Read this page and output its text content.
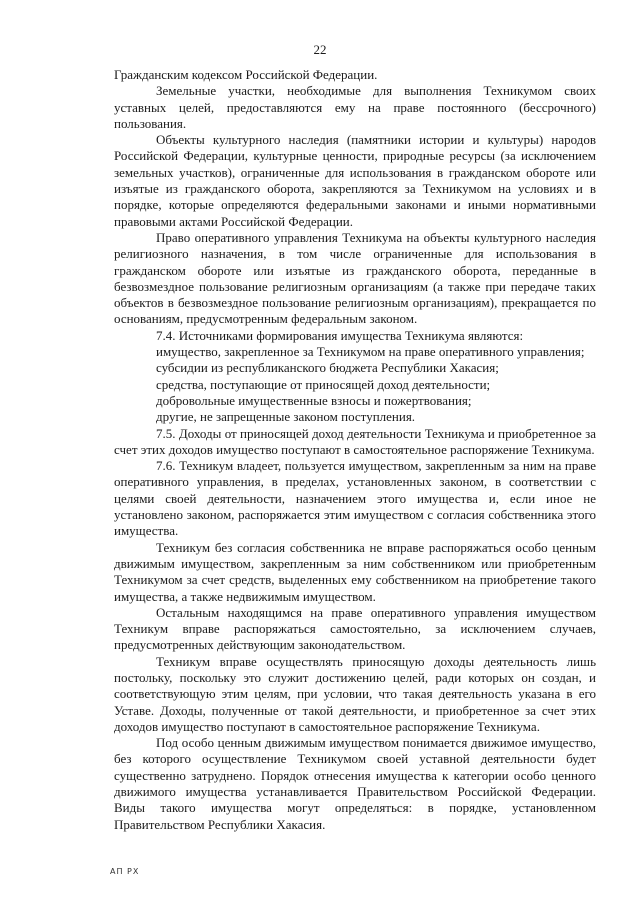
22

Гражданским кодексом Российской Федерации.

Земельные участки, необходимые для выполнения Техникумом своих уставных целей, предоставляются ему на праве постоянного (бессрочного) пользования.

Объекты культурного наследия (памятники истории и культуры) народов Российской Федерации, культурные ценности, природные ресурсы (за исключением земельных участков), ограниченные для использования в гражданском обороте или изъятые из гражданского оборота, закрепляются за Техникумом на условиях и в порядке, которые определяются федеральными законами и иными нормативными правовыми актами Российской Федерации.

Право оперативного управления Техникума на объекты культурного наследия религиозного назначения, в том числе ограниченные для использования в гражданском обороте или изъятые из гражданского оборота, переданные в безвозмездное пользование религиозным организациям (а также при передаче таких объектов в безвозмездное пользование религиозным организациям), прекращается по основаниям, предусмотренным федеральным законом.

7.4. Источниками формирования имущества Техникума являются:

имущество, закрепленное за Техникумом на праве оперативного управления;

субсидии из республиканского бюджета Республики Хакасия;

средства, поступающие от приносящей доход деятельности;

добровольные имущественные взносы и пожертвования;

другие, не запрещенные законом поступления.

7.5. Доходы от приносящей доход деятельности Техникума и приобретенное за счет этих доходов имущество поступают в самостоятельное распоряжение Техникума.

7.6. Техникум владеет, пользуется имуществом, закрепленным за ним на праве оперативного управления, в пределах, установленных законом, в соответствии с целями своей деятельности, назначением этого имущества и, если иное не установлено законом, распоряжается этим имуществом с согласия собственника этого имущества.

Техникум без согласия собственника не вправе распоряжаться особо ценным движимым имуществом, закрепленным за ним собственником или приобретенным Техникумом за счет средств, выделенных ему собственником на приобретение такого имущества, а также недвижимым имуществом.

Остальным находящимся на праве оперативного управления имуществом Техникум вправе распоряжаться самостоятельно, за исключением случаев, предусмотренных действующим законодательством.

Техникум вправе осуществлять приносящую доходы деятельность лишь постольку, поскольку это служит достижению целей, ради которых он создан, и соответствующую этим целям, при условии, что такая деятельность указана в его Уставе. Доходы, полученные от такой деятельности, и приобретенное за счет этих доходов имущество поступают в самостоятельное распоряжение Техникума.

Под особо ценным движимым имуществом понимается движимое имущество, без которого осуществление Техникумом своей уставной деятельности будет существенно затруднено. Порядок отнесения имущества к категории особо ценного движимого имущества устанавливается Правительством Российской Федерации. Виды такого имущества могут определяться: в порядке, установленном Правительством Республики Хакасия.

АП РХ
